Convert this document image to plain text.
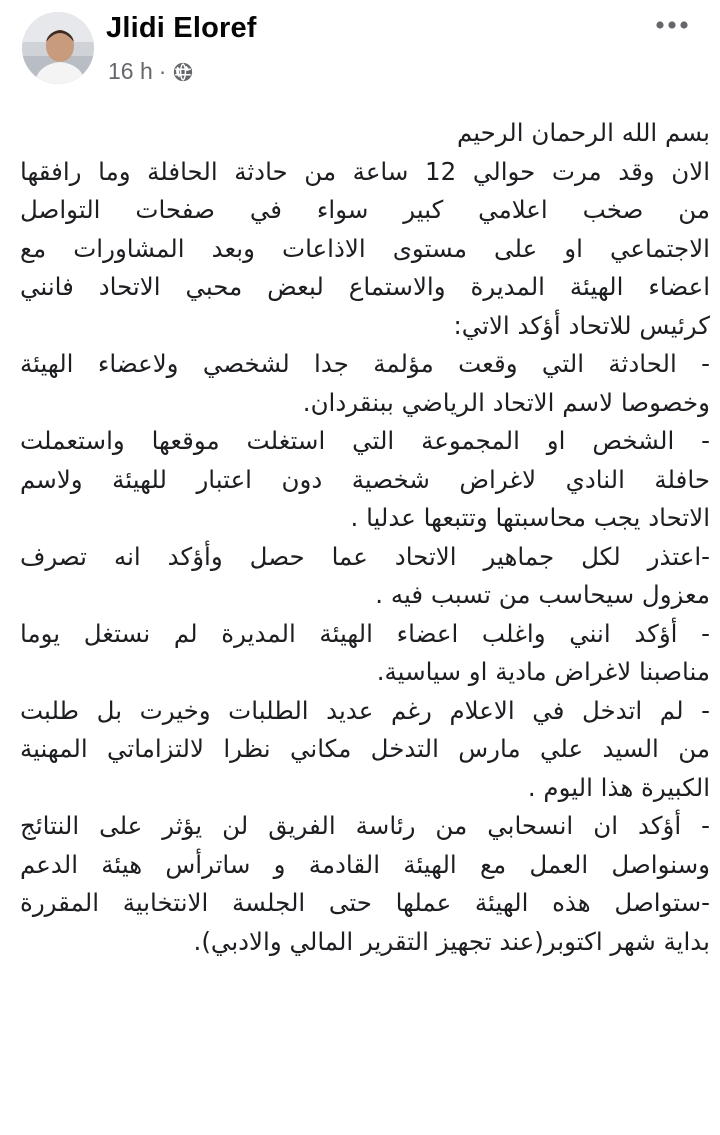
Jlidi Eloref
16 h ·
بسم الله الرحمان الرحيم
الان وقد مرت حوالي 12 ساعة من حادثة الحافلة وما رافقها
من صخب اعلامي كبير سواء في صفحات التواصل
الاجتماعي او على مستوى الاذاعات وبعد المشاورات مع
اعضاء الهيئة المديرة والاستماع لبعض محبي الاتحاد فانني
كرئيس للاتحاد أؤكد الاتي:
- الحادثة التي وقعت مؤلمة جدا لشخصي ولاعضاء الهيئة
وخصوصا لاسم الاتحاد الرياضي ببنقردان.
- الشخص او المجموعة التي استغلت موقعها واستعملت
حافلة النادي لاغراض شخصية دون اعتبار للهيئة ولاسم
الاتحاد يجب محاسبتها وتتبعها عدليا .
-اعتذر لكل جماهير الاتحاد عما حصل وأؤكد انه تصرف
معزول سيحاسب من تسبب فيه .
- أؤكد انني واغلب اعضاء الهيئة المديرة لم نستغل يوما
مناصبنا لاغراض مادية او سياسية.
- لم اتدخل في الاعلام رغم عديد الطلبات وخيرت بل طلبت
من السيد علي مارس التدخل مكاني نظرا لالتزاماتي المهنية
الكبيرة هذا اليوم .
- أؤكد ان انسحابي من رئاسة الفريق لن يؤثر على النتائج
وسنواصل العمل مع الهيئة القادمة و ساترأس هيئة الدعم
-ستواصل هذه الهيئة عملها حتى الجلسة الانتخابية المقررة
بداية شهر اكتوبر(عند تجهيز التقرير المالي والادبي).
